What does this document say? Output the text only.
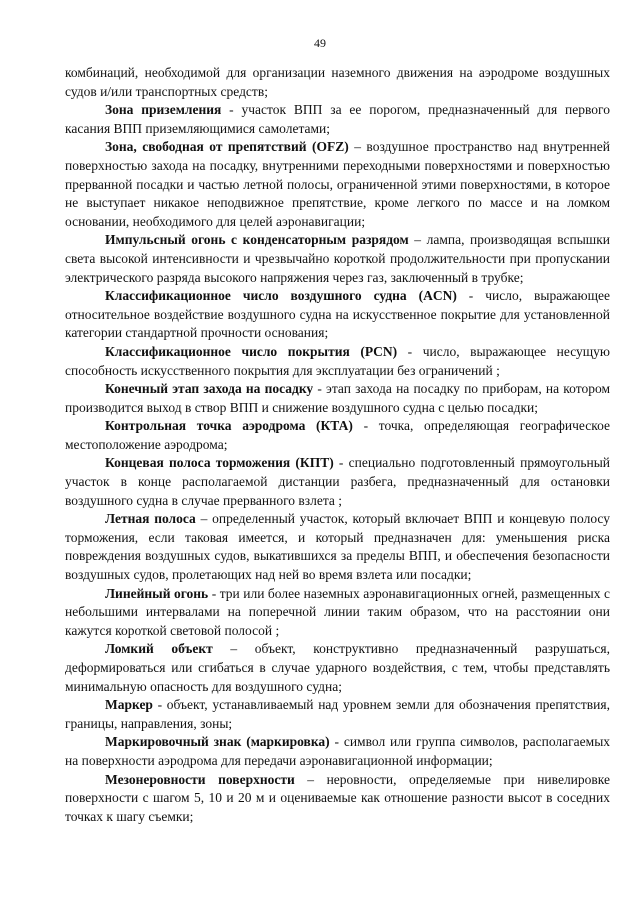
49

комбинаций, необходимой для организации наземного движения на аэродроме воздушных судов и/или транспортных средств;

Зона приземления - участок ВПП за ее порогом, предназначенный для первого касания ВПП приземляющимися самолетами;

Зона, свободная от препятствий (OFZ) – воздушное пространство над внутренней поверхностью захода на посадку, внутренними переходными поверхностями и поверхностью прерванной посадки и частью летной полосы, ограниченной этими поверхностями, в которое не выступает никакое неподвижное препятствие, кроме легкого по массе и на ломком основании, необходимого для целей аэронавигации;

Импульсный огонь с конденсаторным разрядом – лампа, производящая вспышки света высокой интенсивности и чрезвычайно короткой продолжительности при пропускании электрического разряда высокого напряжения через газ, заключенный в трубке;

Классификационное число воздушного судна (ACN) - число, выражающее относительное воздействие воздушного судна на искусственное покрытие для установленной категории стандартной прочности основания;

Классификационное число покрытия (PCN) - число, выражающее несущую способность искусственного покрытия для эксплуатации без ограничений ;

Конечный этап захода на посадку - этап захода на посадку по приборам, на котором производится выход в створ ВПП и снижение воздушного судна с целью посадки;

Контрольная точка аэродрома (КТА) - точка, определяющая географическое местоположение аэродрома;

Концевая полоса торможения (КПТ) - специально подготовленный прямоугольный участок в конце располагаемой дистанции разбега, предназначенный для остановки воздушного судна в случае прерванного взлета ;

Летная полоса – определенный участок, который включает ВПП и концевую полосу торможения, если таковая имеется, и который предназначен для: уменьшения риска повреждения воздушных судов, выкатившихся за пределы ВПП, и обеспечения безопасности воздушных судов, пролетающих над ней во время взлета или посадки;

Линейный огонь - три или более наземных аэронавигационных огней, размещенных с небольшими интервалами на поперечной линии таким образом, что на расстоянии они кажутся короткой световой полосой ;

Ломкий объект – объект, конструктивно предназначенный разрушаться, деформироваться или сгибаться в случае ударного воздействия, с тем, чтобы представлять минимальную опасность для воздушного судна;

Маркер - объект, устанавливаемый над уровнем земли для обозначения препятствия, границы, направления, зоны;

Маркировочный знак (маркировка) - символ или группа символов, располагаемых на поверхности аэродрома для передачи аэронавигационной информации;

Мезонеровности поверхности – неровности, определяемые при нивелировке поверхности с шагом 5, 10 и 20 м и оцениваемые как отношение разности высот в соседних точках к шагу съемки;
